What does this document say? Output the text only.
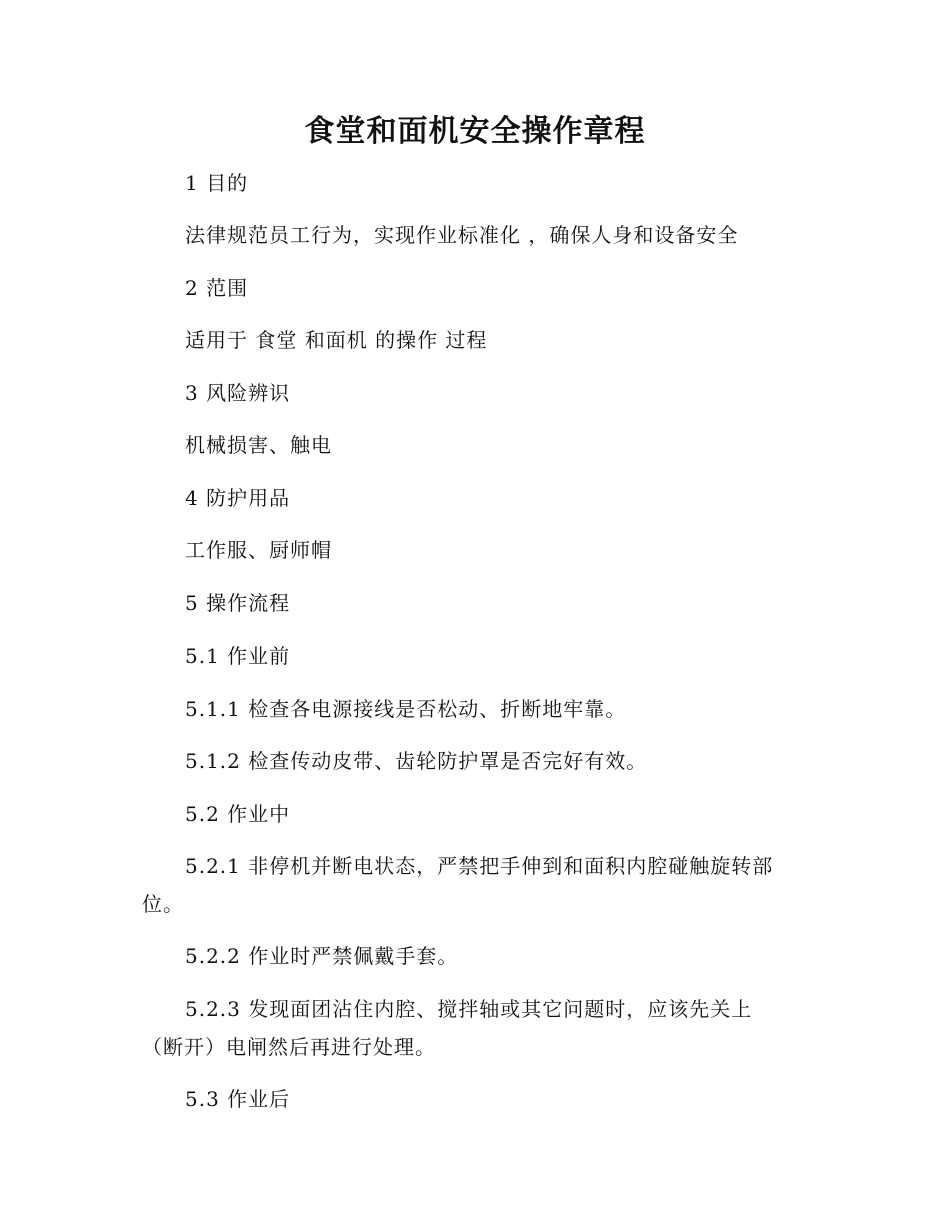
食堂和面机安全操作章程
1 目的
法律规范员工行为，实现作业标准化 ，确保人身和设备安全
2 范围
适用于 食堂 和面机 的操作 过程
3 风险辨识
机械损害、触电
4 防护用品
工作服、厨师帽
5 操作流程
5.1 作业前
5.1.1 检查各电源接线是否松动、折断地牢靠。
5.1.2 检查传动皮带、齿轮防护罩是否完好有效。
5.2 作业中
5.2.1 非停机并断电状态，严禁把手伸到和面积内腔碰触旋转部
位。
5.2.2 作业时严禁佩戴手套。
5.2.3 发现面团沾住内腔、搅拌轴或其它问题时，应该先关上
（断开）电闸然后再进行处理。
5.3 作业后
